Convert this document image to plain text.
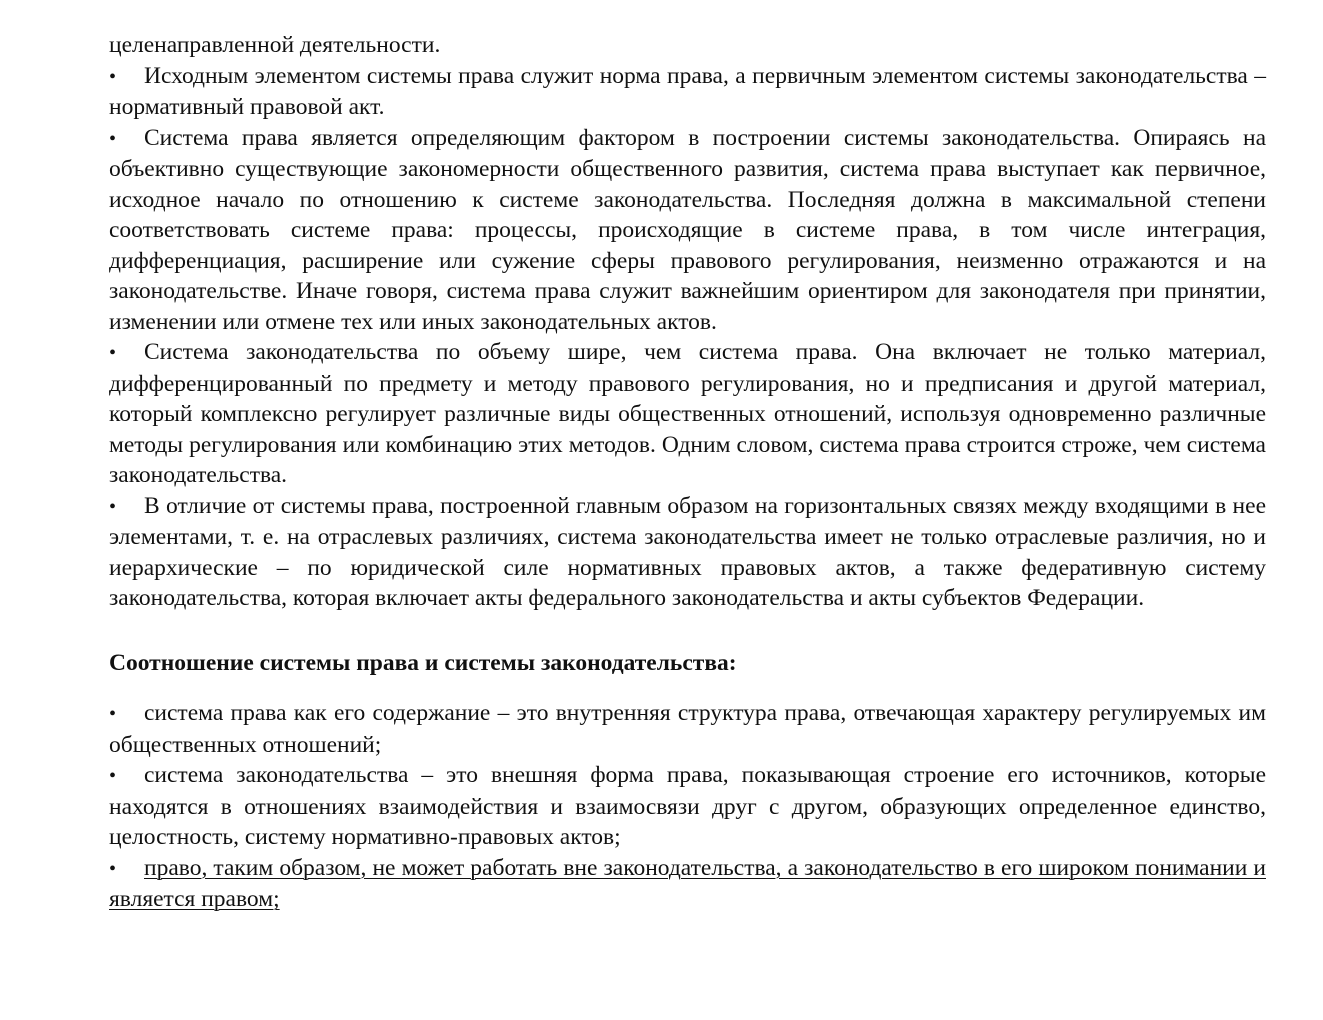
целенаправленной деятельности.

• Исходным элементом системы права служит норма права, а первичным элементом системы законодательства – нормативный правовой акт.

• Система права является определяющим фактором в построении системы законодательства. Опираясь на объективно существующие закономерности общественного развития, система права выступает как первичное, исходное начало по отношению к системе законодательства. Последняя должна в максимальной степени соответствовать системе права: процессы, происходящие в системе права, в том числе интеграция, дифференциация, расширение или сужение сферы правового регулирования, неизменно отражаются и на законодательстве. Иначе говоря, система права служит важнейшим ориентиром для законодателя при принятии, изменении или отмене тех или иных законодательных актов.

• Система законодательства по объему шире, чем система права. Она включает не только материал, дифференцированный по предмету и методу правового регулирования, но и предписания и другой материал, который комплексно регулирует различные виды общественных отношений, используя одновременно различные методы регулирования или комбинацию этих методов. Одним словом, система права строится строже, чем система законодательства.

• В отличие от системы права, построенной главным образом на горизонтальных связях между входящими в нее элементами, т. е. на отраслевых различиях, система законодательства имеет не только отраслевые различия, но и иерархические – по юридической силе нормативных правовых актов, а также федеративную систему законодательства, которая включает акты федерального законодательства и акты субъектов Федерации.

Соотношение системы права и системы законодательства:

• система права как его содержание – это внутренняя структура права, отвечающая характеру регулируемых им общественных отношений;

• система законодательства – это внешняя форма права, показывающая строение его источников, которые находятся в отношениях взаимодействия и взаимосвязи друг с другом, образующих определенное единство, целостность, систему нормативно-правовых актов;

• право, таким образом, не может работать вне законодательства, а законодательство в его широком понимании и является правом;
